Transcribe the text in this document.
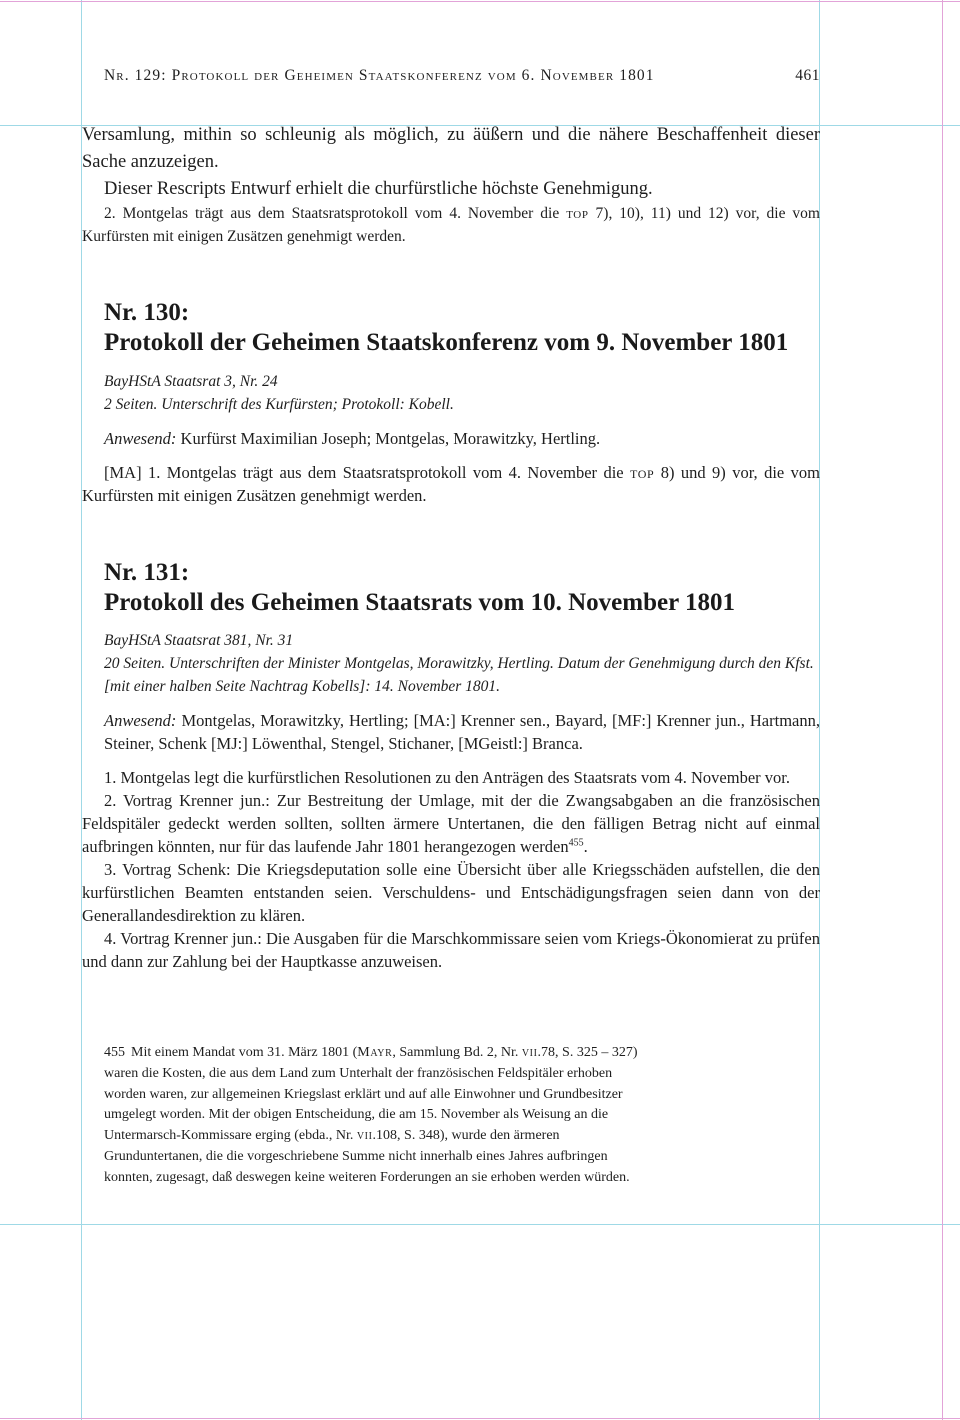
Nr. 129: Protokoll der Geheimen Staatskonferenz vom 6. November 1801	461

Versamlung, mithin so schleunig als möglich, zu äüßern und die nähere Beschaffenheit dieser Sache anzuzeigen.

Dieser Rescripts Entwurf erhielt die churfürstliche höchste Genehmigung.

2. Montgelas trägt aus dem Staatsratsprotokoll vom 4. November die top 7), 10), 11) und 12) vor, die vom Kurfürsten mit einigen Zusätzen genehmigt werden.

Nr. 130:
Protokoll der Geheimen Staatskonferenz vom 9. November 1801
BayHStA Staatsrat 3, Nr. 24
2 Seiten. Unterschrift des Kurfürsten; Protokoll: Kobell.
Anwesend: Kurfürst Maximilian Joseph; Montgelas, Morawitzky, Hertling.

[MA] 1. Montgelas trägt aus dem Staatsratsprotokoll vom 4. November die top 8) und 9) vor, die vom Kurfürsten mit einigen Zusätzen genehmigt werden.

Nr. 131:
Protokoll des Geheimen Staatsrats vom 10. November 1801
BayHStA Staatsrat 381, Nr. 31
20 Seiten. Unterschriften der Minister Montgelas, Morawitzky, Hertling. Datum der Genehmigung durch den Kfst. [mit einer halben Seite Nachtrag Kobells]: 14. November 1801.
Anwesend: Montgelas, Morawitzky, Hertling; [MA:] Krenner sen., Bayard, [MF:] Krenner jun., Hartmann, Steiner, Schenk [MJ:] Löwenthal, Stengel, Stichaner, [MGeistl:] Branca.

1. Montgelas legt die kurfürstlichen Resolutionen zu den Anträgen des Staatsrats vom 4. November vor.

2. Vortrag Krenner jun.: Zur Bestreitung der Umlage, mit der die Zwangsabgaben an die französischen Feldspitäler gedeckt werden sollten, sollten ärmere Untertanen, die den fälligen Betrag nicht auf einmal aufbringen könnten, nur für das laufende Jahr 1801 herangezogen werden$^{455}$.

3. Vortrag Schenk: Die Kriegsdeputation solle eine Übersicht über alle Kriegsschäden aufstellen, die den kurfürstlichen Beamten entstanden seien. Verschuldens- und Entschädigungsfragen seien dann von der Generallandesdirektion zu klären.

4. Vortrag Krenner jun.: Die Ausgaben für die Marschkommissare seien vom Kriegs-Ökonomierat zu prüfen und dann zur Zahlung bei der Hauptkasse anzuweisen.

455 Mit einem Mandat vom 31. März 1801 (Mayr, Sammlung Bd. 2, Nr. vii.78, S. 325 – 327) waren die Kosten, die aus dem Land zum Unterhalt der französischen Feldspitäler erhoben worden waren, zur allgemeinen Kriegslast erklärt und auf alle Einwohner und Grundbesitzer umgelegt worden. Mit der obigen Entscheidung, die am 15. November als Weisung an die Untermarsch-Kommissare erging (ebda., Nr. vii.108, S. 348), wurde den ärmeren Grunduntertanen, die die vorgeschriebene Summe nicht innerhalb eines Jahres aufbringen konnten, zugesagt, daß deswegen keine weiteren Forderungen an sie erhoben werden würden.
